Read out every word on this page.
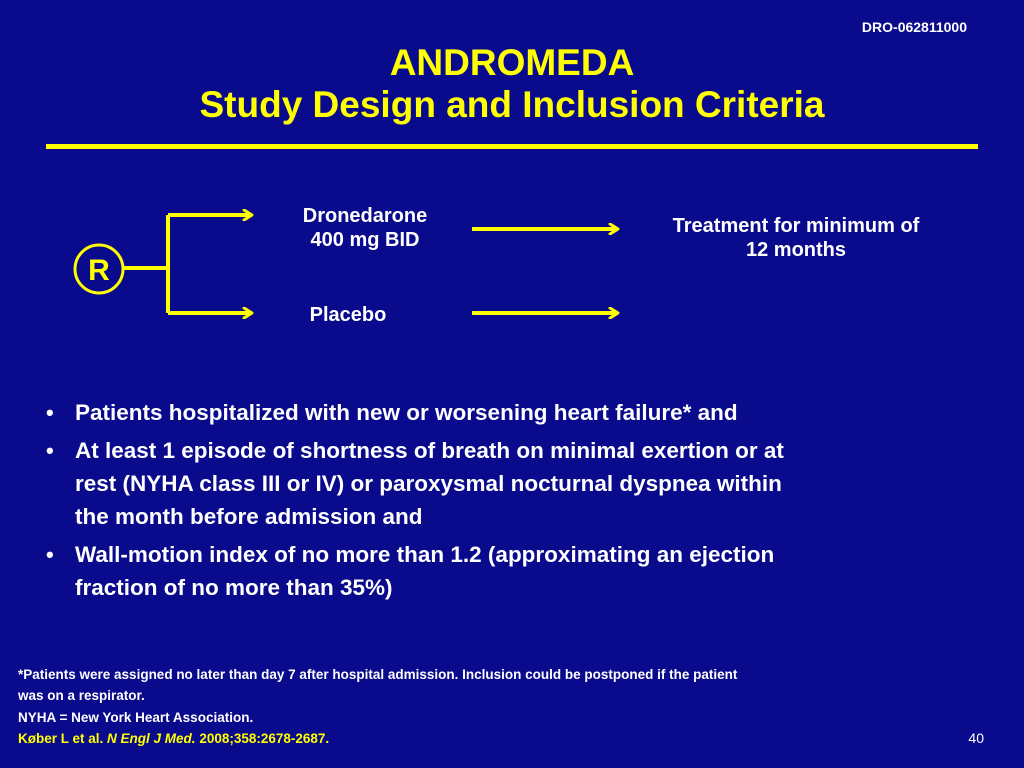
DRO-062811000
ANDROMEDA
Study Design and Inclusion Criteria
R
Dronedarone
400 mg BID
Placebo
Treatment for minimum of
12 months
• Patients hospitalized with new or worsening heart failure* and
• At least 1 episode of shortness of breath on minimal exertion or at
rest (NYHA class III or IV) or paroxysmal nocturnal dyspnea within
the month before admission and
• Wall-motion index of no more than 1.2 (approximating an ejection
fraction of no more than 35%)
*Patients were assigned no later than day 7 after hospital admission. Inclusion could be postponed if the patient
was on a respirator.
NYHA = New York Heart Association.
Køber L et al. N Engl J Med. 2008;358:2678-2687.	40
